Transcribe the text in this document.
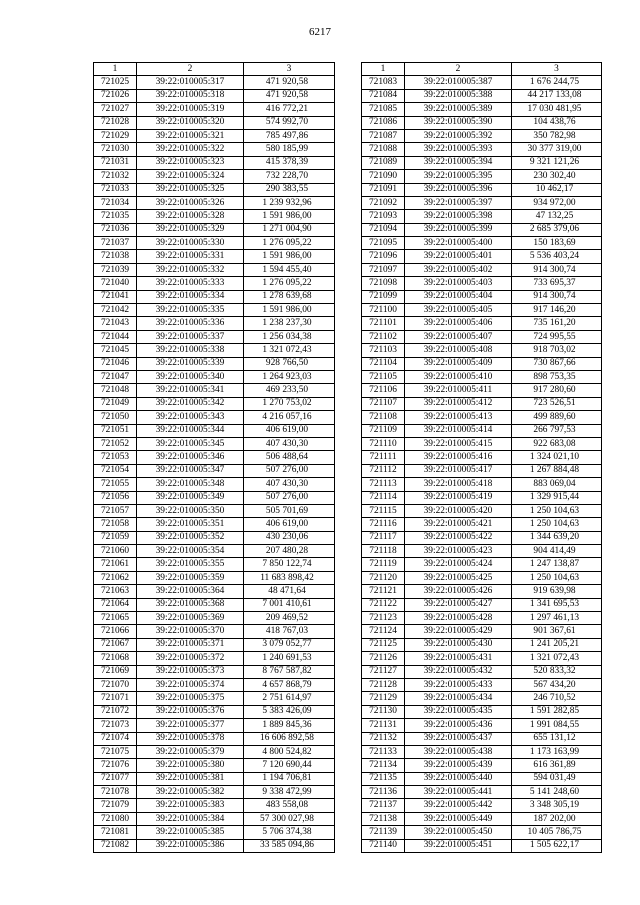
6217
1	2	3
721025	39:22:010005:317	471 920,58
721026	39:22:010005:318	471 920,58
721027	39:22:010005:319	416 772,21
721028	39:22:010005:320	574 992,70
721029	39:22:010005:321	785 497,86
721030	39:22:010005:322	580 185,99
721031	39:22:010005:323	415 378,39
721032	39:22:010005:324	732 228,70
721033	39:22:010005:325	290 383,55
721034	39:22:010005:326	1 239 932,96
721035	39:22:010005:328	1 591 986,00
721036	39:22:010005:329	1 271 004,90
721037	39:22:010005:330	1 276 095,22
721038	39:22:010005:331	1 591 986,00
721039	39:22:010005:332	1 594 455,40
721040	39:22:010005:333	1 276 095,22
721041	39:22:010005:334	1 278 639,68
721042	39:22:010005:335	1 591 986,00
721043	39:22:010005:336	1 238 237,30
721044	39:22:010005:337	1 256 034,38
721045	39:22:010005:338	1 321 072,43
721046	39:22:010005:339	928 766,50
721047	39:22:010005:340	1 264 923,03
721048	39:22:010005:341	469 233,50
721049	39:22:010005:342	1 270 753,02
721050	39:22:010005:343	4 216 057,16
721051	39:22:010005:344	406 619,00
721052	39:22:010005:345	407 430,30
721053	39:22:010005:346	506 488,64
721054	39:22:010005:347	507 276,00
721055	39:22:010005:348	407 430,30
721056	39:22:010005:349	507 276,00
721057	39:22:010005:350	505 701,69
721058	39:22:010005:351	406 619,00
721059	39:22:010005:352	430 230,06
721060	39:22:010005:354	207 480,28
721061	39:22:010005:355	7 850 122,74
721062	39:22:010005:359	11 683 898,42
721063	39:22:010005:364	48 471,64
721064	39:22:010005:368	7 001 410,61
721065	39:22:010005:369	209 469,52
721066	39:22:010005:370	418 767,03
721067	39:22:010005:371	3 079 052,77
721068	39:22:010005:372	1 240 691,53
721069	39:22:010005:373	8 767 587,82
721070	39:22:010005:374	4 657 868,79
721071	39:22:010005:375	2 751 614,97
721072	39:22:010005:376	5 383 426,09
721073	39:22:010005:377	1 889 845,36
721074	39:22:010005:378	16 606 892,58
721075	39:22:010005:379	4 800 524,82
721076	39:22:010005:380	7 120 690,44
721077	39:22:010005:381	1 194 706,81
721078	39:22:010005:382	9 338 472,99
721079	39:22:010005:383	483 558,08
721080	39:22:010005:384	57 300 027,98
721081	39:22:010005:385	5 706 374,38
721082	39:22:010005:386	33 585 094,86
1	2	3
721083	39:22:010005:387	1 676 244,75
721084	39:22:010005:388	44 217 133,08
721085	39:22:010005:389	17 030 481,95
721086	39:22:010005:390	104 438,76
721087	39:22:010005:392	350 782,98
721088	39:22:010005:393	30 377 319,00
721089	39:22:010005:394	9 321 121,26
721090	39:22:010005:395	230 302,40
721091	39:22:010005:396	10 462,17
721092	39:22:010005:397	934 972,00
721093	39:22:010005:398	47 132,25
721094	39:22:010005:399	2 685 379,06
721095	39:22:010005:400	150 183,69
721096	39:22:010005:401	5 536 403,24
721097	39:22:010005:402	914 300,74
721098	39:22:010005:403	733 695,37
721099	39:22:010005:404	914 300,74
721100	39:22:010005:405	917 146,20
721101	39:22:010005:406	735 161,20
721102	39:22:010005:407	724 995,55
721103	39:22:010005:408	918 703,02
721104	39:22:010005:409	730 867,66
721105	39:22:010005:410	898 753,35
721106	39:22:010005:411	917 280,60
721107	39:22:010005:412	723 526,51
721108	39:22:010005:413	499 889,60
721109	39:22:010005:414	266 797,53
721110	39:22:010005:415	922 683,08
721111	39:22:010005:416	1 324 021,10
721112	39:22:010005:417	1 267 884,48
721113	39:22:010005:418	883 069,04
721114	39:22:010005:419	1 329 915,44
721115	39:22:010005:420	1 250 104,63
721116	39:22:010005:421	1 250 104,63
721117	39:22:010005:422	1 344 639,20
721118	39:22:010005:423	904 414,49
721119	39:22:010005:424	1 247 138,87
721120	39:22:010005:425	1 250 104,63
721121	39:22:010005:426	919 639,98
721122	39:22:010005:427	1 341 695,53
721123	39:22:010005:428	1 297 461,13
721124	39:22:010005:429	901 367,61
721125	39:22:010005:430	1 241 205,21
721126	39:22:010005:431	1 321 072,43
721127	39:22:010005:432	520 833,32
721128	39:22:010005:433	567 434,20
721129	39:22:010005:434	246 710,52
721130	39:22:010005:435	1 591 282,85
721131	39:22:010005:436	1 991 084,55
721132	39:22:010005:437	655 131,12
721133	39:22:010005:438	1 173 163,99
721134	39:22:010005:439	616 361,89
721135	39:22:010005:440	594 031,49
721136	39:22:010005:441	5 141 248,60
721137	39:22:010005:442	3 348 305,19
721138	39:22:010005:449	187 202,00
721139	39:22:010005:450	10 405 786,75
721140	39:22:010005:451	1 505 622,17
